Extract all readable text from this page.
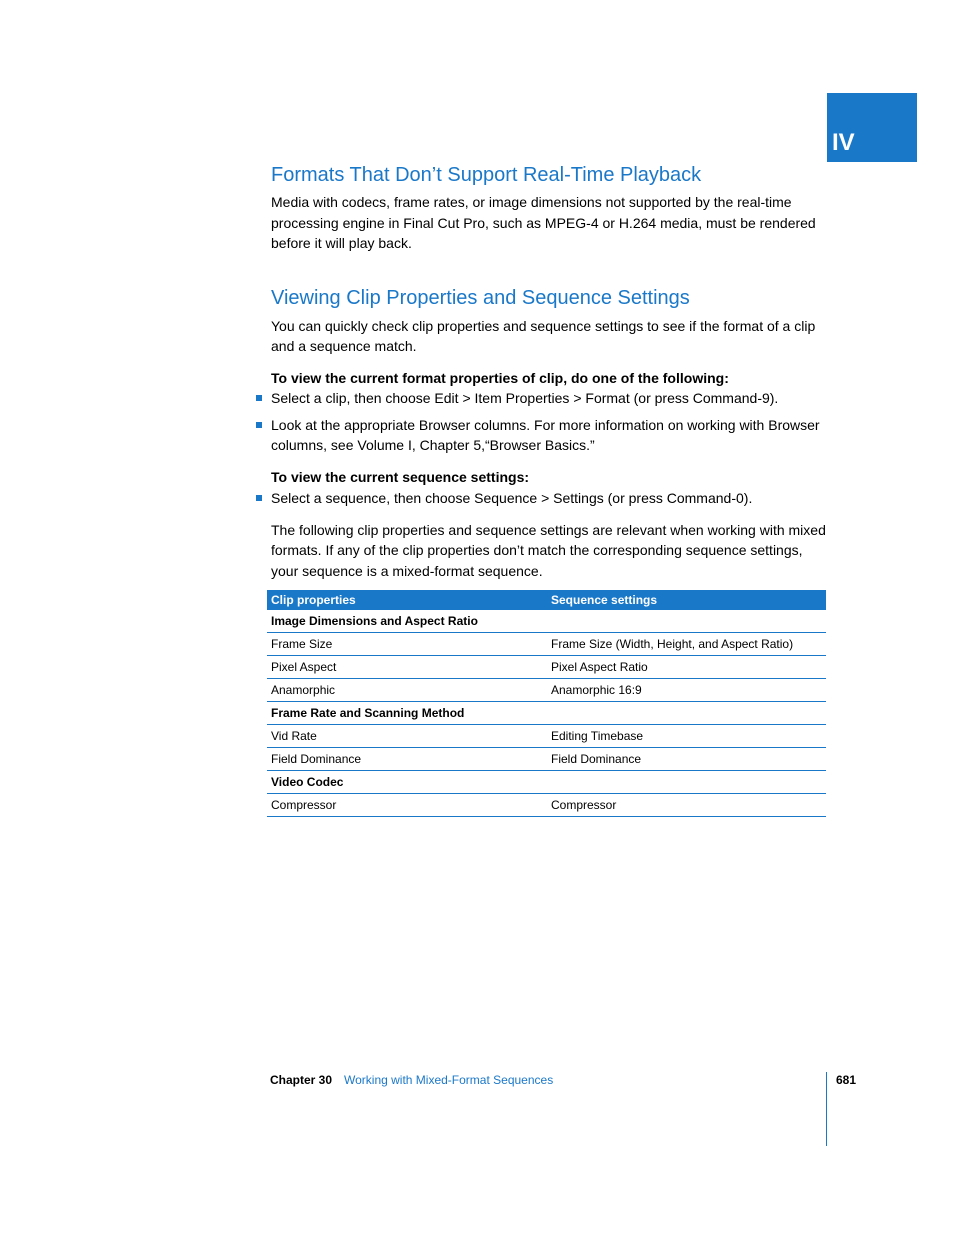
IV
Formats That Don’t Support Real-Time Playback

Media with codecs, frame rates, or image dimensions not supported by the real-time processing engine in Final Cut Pro, such as MPEG-4 or H.264 media, must be rendered before it will play back.

Viewing Clip Properties and Sequence Settings

You can quickly check clip properties and sequence settings to see if the format of a clip and a sequence match.

To view the current format properties of clip, do one of the following:

Select a clip, then choose Edit > Item Properties > Format (or press Command-9).
Look at the appropriate Browser columns. For more information on working with Browser columns, see Volume I, Chapter 5,“Browser Basics.”

To view the current sequence settings:

Select a sequence, then choose Sequence > Settings (or press Command-0).

The following clip properties and sequence settings are relevant when working with mixed formats. If any of the clip properties don’t match the corresponding sequence settings, your sequence is a mixed-format sequence.

Clip properties	Sequence settings
Image Dimensions and Aspect Ratio	
Frame Size	Frame Size (Width, Height, and Aspect Ratio)
Pixel Aspect	Pixel Aspect Ratio
Anamorphic	Anamorphic 16:9
Frame Rate and Scanning Method	
Vid Rate	Editing Timebase
Field Dominance	Field Dominance
Video Codec	
Compressor	Compressor
Chapter 30 Working with Mixed-Format Sequences	681
